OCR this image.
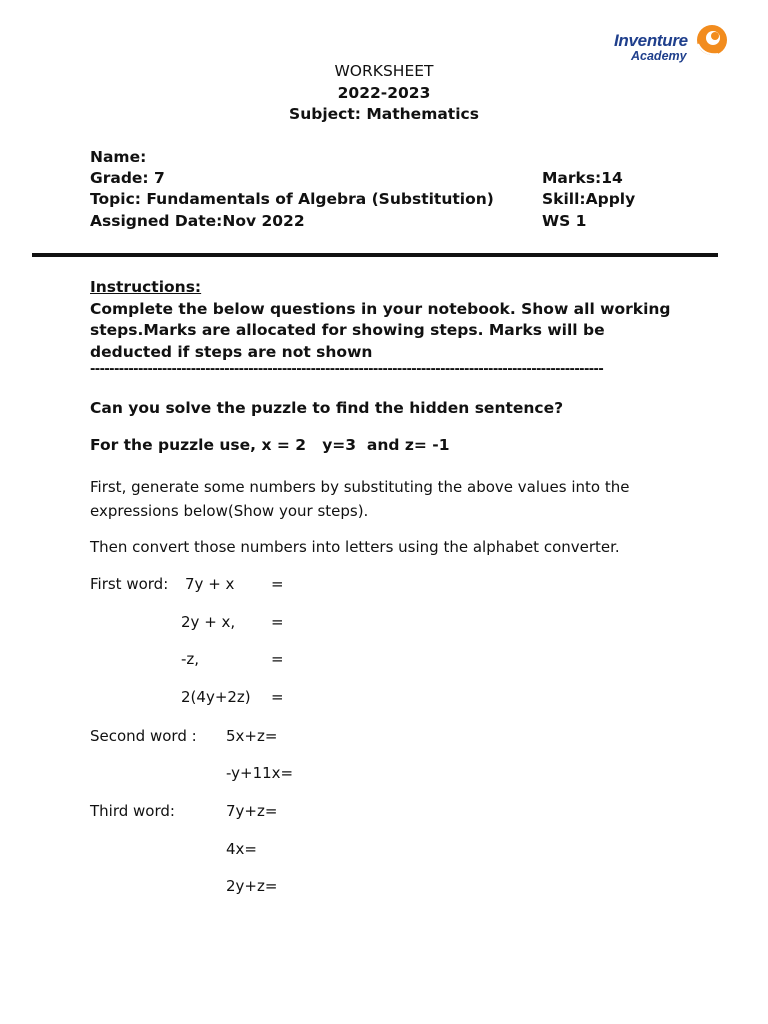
Inventure
Academy
WORKSHEET
2022-2023
Subject: Mathematics
Name:
Grade: 7
Topic: Fundamentals of Algebra (Substitution)
Assigned Date:Nov 2022
Marks:14
Skill:Apply
WS 1
Instructions:
Complete the below questions in your notebook. Show all working steps.Marks are allocated for showing steps. Marks will be deducted if steps are not shown
-----------------------------------------------------------------------------------------------------------
Can you solve the puzzle to find the hidden sentence?
For the puzzle use, x = 2   y=3  and z= -1
First, generate some numbers by substituting the above values into the expressions below(Show your steps).
Then convert those numbers into letters using the alphabet converter.
First word: 7y + x =
2y + x, =
-z,	=
2(4y+2z) =
Second word : 5x+z=
-y+11x=
Third word:	7y+z=
4x=
2y+z=
